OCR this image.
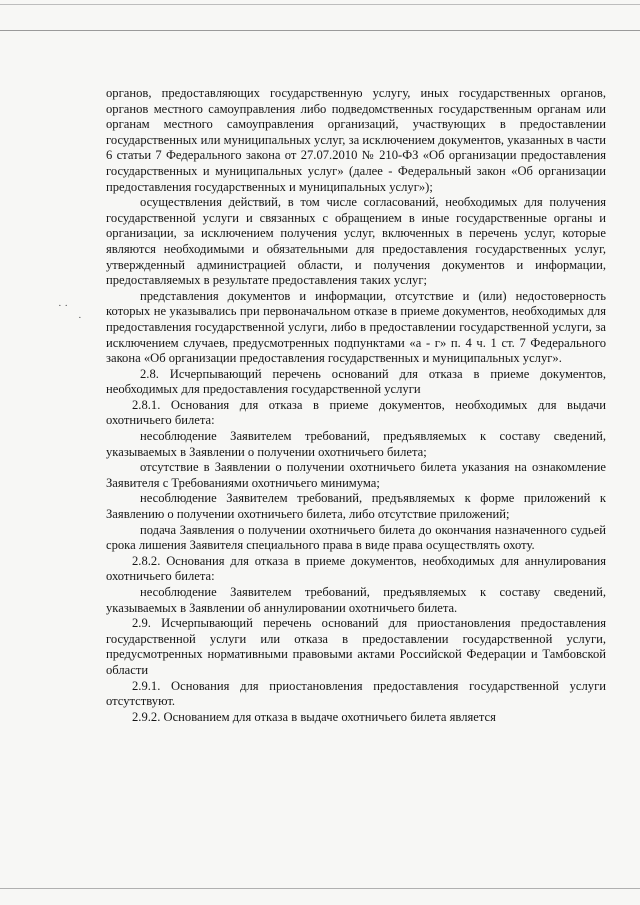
· ·
·

органов, предоставляющих государственную услугу, иных государственных органов, органов местного самоуправления либо подведомственных государственным органам или органам местного самоуправления организаций, участвующих в предоставлении государственных или муниципальных услуг, за исключением документов, указанных в части 6 статьи 7 Федерального закона от 27.07.2010 № 210-ФЗ «Об организации предоставления государственных и муниципальных услуг» (далее - Федеральный закон «Об организации предоставления государственных и муниципальных услуг»);

осуществления действий, в том числе согласований, необходимых для получения государственной услуги и связанных с обращением в иные государственные органы и организации, за исключением получения услуг, включенных в перечень услуг, которые являются необходимыми и обязательными для предоставления государственных услуг, утвержденный администрацией области, и получения документов и информации, предоставляемых в результате предоставления таких услуг;

представления документов и информации, отсутствие и (или) недостоверность которых не указывались при первоначальном отказе в приеме документов, необходимых для предоставления государственной услуги, либо в предоставлении государственной услуги, за исключением случаев, предусмотренных подпунктами «а - г» п. 4 ч. 1 ст. 7 Федерального закона «Об организации предоставления государственных и муниципальных услуг».

2.8. Исчерпывающий перечень оснований для отказа в приеме документов, необходимых для предоставления государственной услуги

2.8.1. Основания для отказа в приеме документов, необходимых для выдачи охотничьего билета:

несоблюдение Заявителем требований, предъявляемых к составу сведений, указываемых в Заявлении о получении охотничьего билета;

отсутствие в Заявлении о получении охотничьего билета указания на ознакомление Заявителя с Требованиями охотничьего минимума;

несоблюдение Заявителем требований, предъявляемых к форме приложений к Заявлению о получении охотничьего билета, либо отсутствие приложений;

подача Заявления о получении охотничьего билета до окончания назначенного судьей срока лишения Заявителя специального права в виде права осуществлять охоту.

2.8.2. Основания для отказа в приеме документов, необходимых для аннулирования охотничьего билета:

несоблюдение Заявителем требований, предъявляемых к составу сведений, указываемых в Заявлении об аннулировании охотничьего билета.

2.9. Исчерпывающий перечень оснований для приостановления предоставления государственной услуги или отказа в предоставлении государственной услуги, предусмотренных нормативными правовыми актами Российской Федерации и Тамбовской области

2.9.1. Основания для приостановления предоставления государственной услуги отсутствуют.

2.9.2. Основанием для отказа в выдаче охотничьего билета является
